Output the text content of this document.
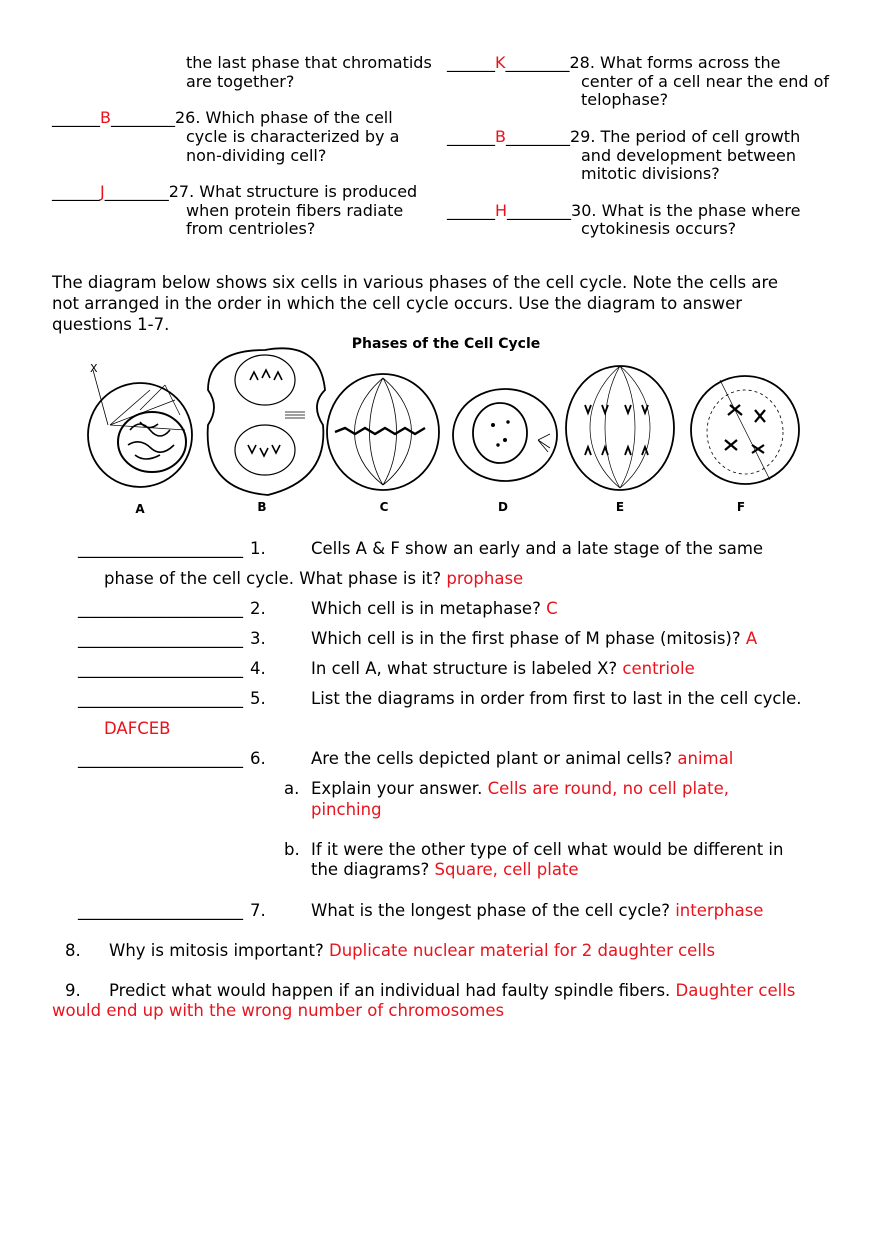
the last phase that chromatids
are together?
______B________26. Which phase of the cell
cycle is characterized by a
non-dividing cell?
______J________27. What structure is produced
when protein fibers radiate
from centrioles?
______K________28. What forms across the
center of a cell near the end of
telophase?
______B________29. The period of cell growth
and development between
mitotic divisions?
______H________30. What is the phase where
cytokinesis occurs?
The diagram below shows six cells in various phases of the cell cycle. Note the cells are
not arranged in the order in which the cell cycle occurs. Use the diagram to answer
questions 1-7.
Phases of the Cell Cycle
X
A	B	C	D	E	F
____________________ 1.	Cells A & F show an early and a late stage of the same
phase of the cell cycle. What phase is it? prophase
____________________ 2.	Which cell is in metaphase? C
____________________ 3.	Which cell is in the first phase of M phase (mitosis)? A
____________________ 4.	In cell A, what structure is labeled X? centriole
____________________ 5.	List the diagrams in order from first to last in the cell cycle.
DAFCEB
____________________ 6.	Are the cells depicted plant or animal cells? animal
a. Explain your answer. Cells are round, no cell plate,
pinching
b. If it were the other type of cell what would be different in
the diagrams? Square, cell plate
____________________ 7.	What is the longest phase of the cell cycle? interphase
8. Why is mitosis important? Duplicate nuclear material for 2 daughter cells
9. Predict what would happen if an individual had faulty spindle fibers. Daughter cells
would end up with the wrong number of chromosomes
